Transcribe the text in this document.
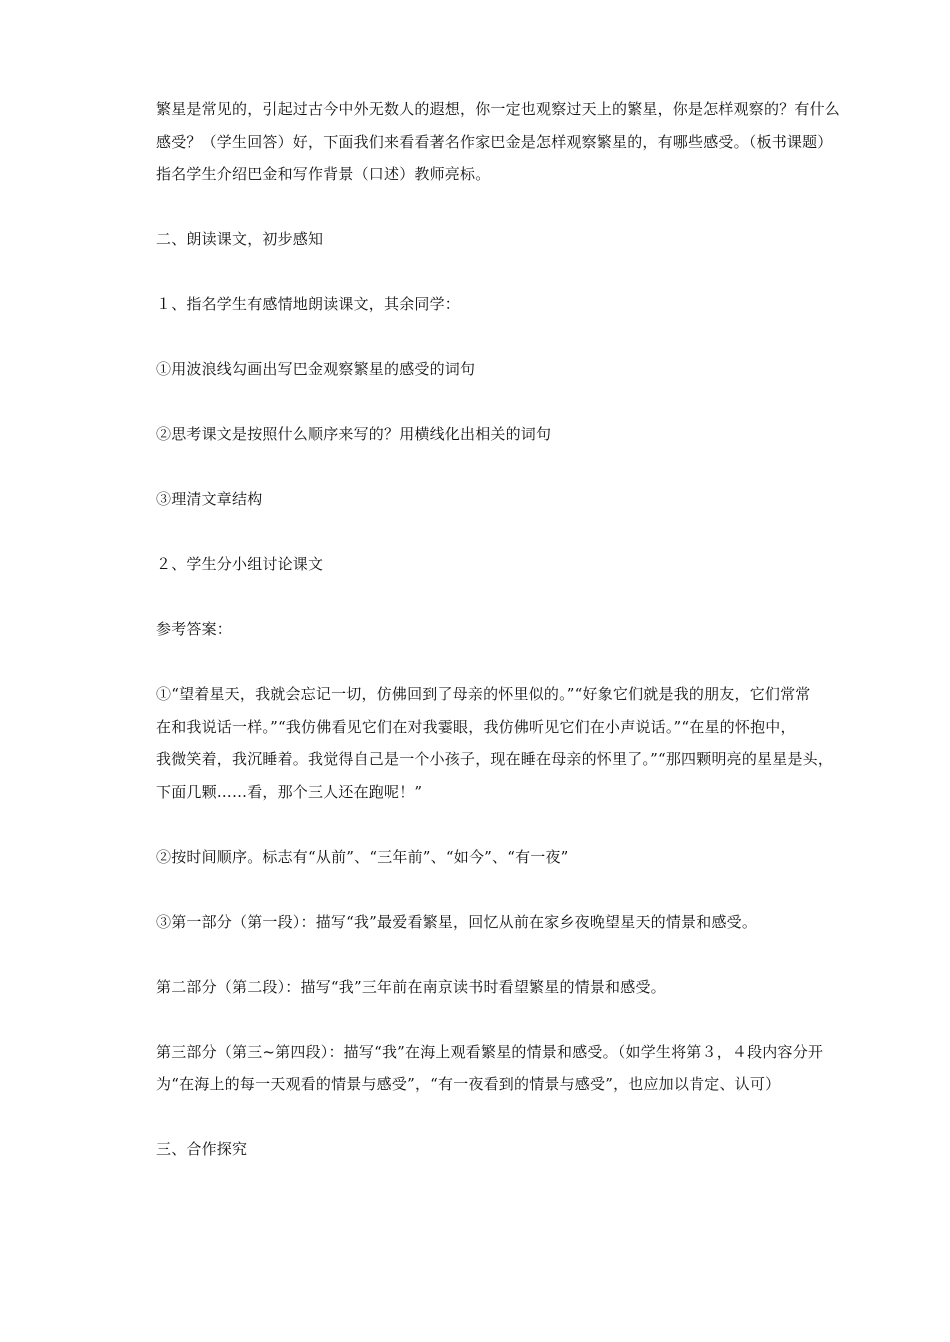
繁星是常见的，引起过古今中外无数人的遐想，你一定也观察过天上的繁星，你是怎样观察的？有什么
感受？（学生回答）好，下面我们来看看著名作家巴金是怎样观察繁星的，有哪些感受。（板书课题）
指名学生介绍巴金和写作背景（口述）教师亮标。

二、朗读课文，初步感知

１、指名学生有感情地朗读课文，其余同学：

①用波浪线勾画出写巴金观察繁星的感受的词句

②思考课文是按照什么顺序来写的？用横线化出相关的词句

③理清文章结构

２、学生分小组讨论课文

参考答案：

①“望着星天，我就会忘记一切，仿佛回到了母亲的怀里似的。”“好象它们就是我的朋友，它们常常
在和我说话一样。”“我仿佛看见它们在对我霎眼，我仿佛听见它们在小声说话。”“在星的怀抱中，
我微笑着，我沉睡着。我觉得自己是一个小孩子，现在睡在母亲的怀里了。”“那四颗明亮的星星是头，
下面几颗……看，那个三人还在跑呢！”

②按时间顺序。标志有“从前”、“三年前”、“如今”、“有一夜”

③第一部分（第一段）：描写“我”最爱看繁星，回忆从前在家乡夜晚望星天的情景和感受。

第二部分（第二段）：描写“我”三年前在南京读书时看望繁星的情景和感受。

第三部分（第三~第四段）：描写“我”在海上观看繁星的情景和感受。（如学生将第３，４段内容分开
为“在海上的每一天观看的情景与感受”，“有一夜看到的情景与感受”，也应加以肯定、认可）

三、合作探究
